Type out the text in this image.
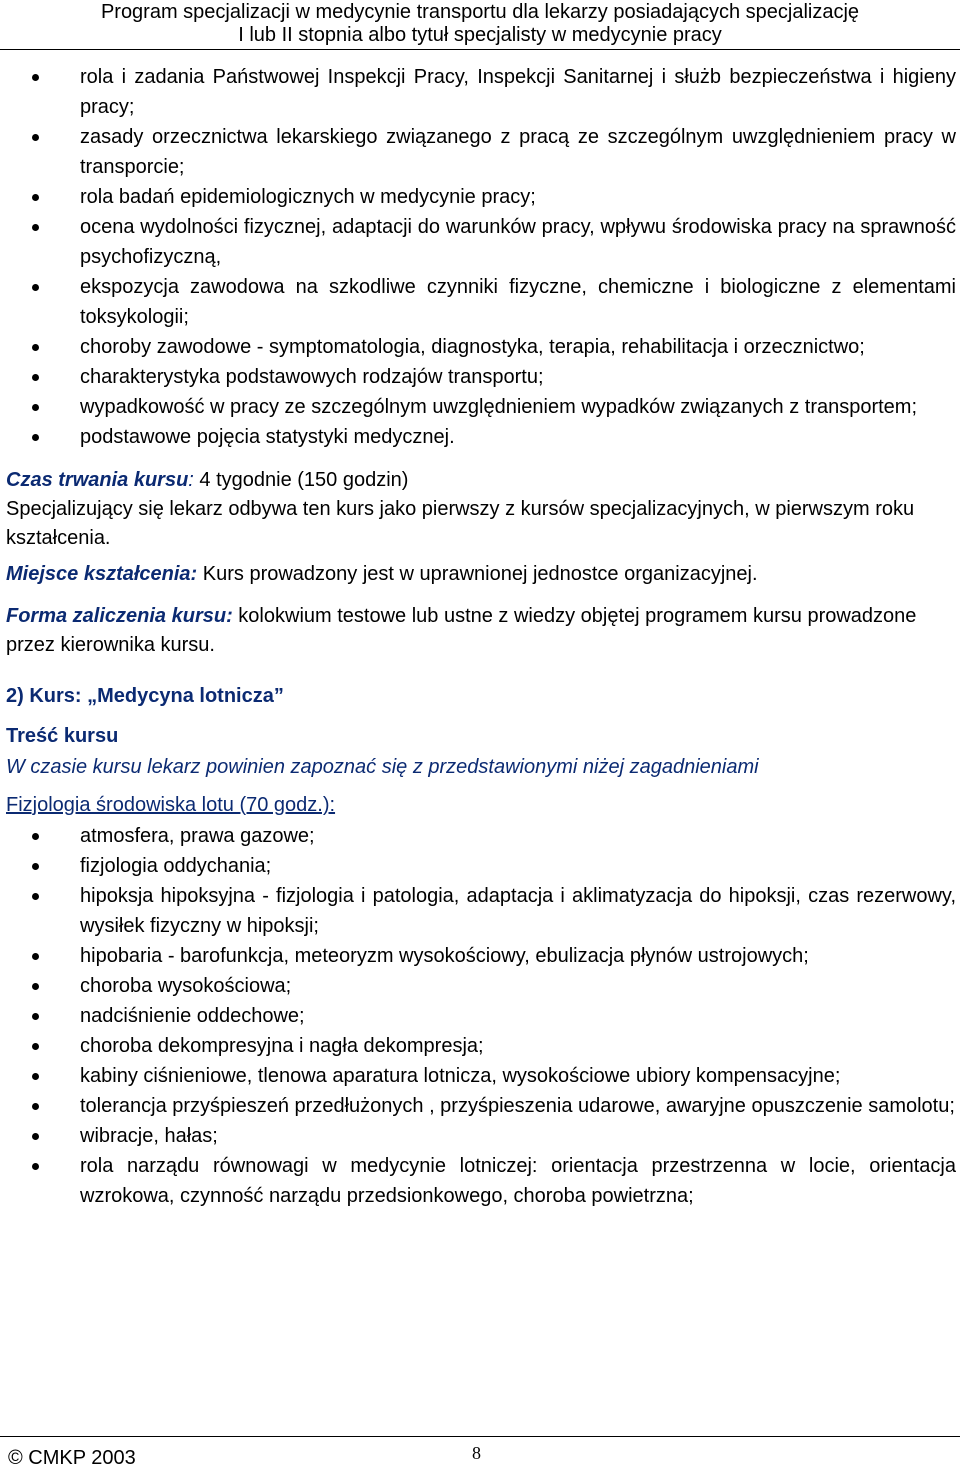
Program specjalizacji w medycynie transportu dla lekarzy posiadających specjalizację
I lub II stopnia albo tytuł specjalisty w medycynie pracy
rola i zadania Państwowej Inspekcji Pracy, Inspekcji Sanitarnej i służb bezpieczeństwa i higieny pracy;
zasady orzecznictwa lekarskiego związanego z pracą ze szczególnym uwzględnieniem pracy w transporcie;
rola badań epidemiologicznych w medycynie pracy;
ocena wydolności fizycznej, adaptacji do warunków pracy, wpływu środowiska pracy na sprawność psychofizyczną,
ekspozycja zawodowa na szkodliwe czynniki fizyczne, chemiczne i biologiczne z elementami toksykologii;
choroby zawodowe - symptomatologia, diagnostyka, terapia, rehabilitacja i orzecznictwo;
charakterystyka podstawowych rodzajów transportu;
wypadkowość w pracy ze szczególnym uwzględnieniem wypadków związanych z transportem;
podstawowe pojęcia statystyki medycznej.

Czas trwania kursu: 4 tygodnie (150 godzin)

Specjalizujący się lekarz odbywa ten kurs jako pierwszy z kursów specjalizacyjnych, w pierwszym roku kształcenia.

Miejsce kształcenia: Kurs prowadzony jest w uprawnionej jednostce organizacyjnej.

Forma zaliczenia kursu: kolokwium testowe lub ustne z wiedzy objętej programem kursu prowadzone przez kierownika kursu.

2) Kurs: „Medycyna lotnicza”

Treść kursu

W czasie kursu lekarz powinien zapoznać się z przedstawionymi niżej zagadnieniami

Fizjologia środowiska lotu (70 godz.):

atmosfera, prawa gazowe;
fizjologia oddychania;
hipoksja hipoksyjna - fizjologia i patologia, adaptacja i aklimatyzacja do hipoksji, czas rezerwowy, wysiłek fizyczny w hipoksji;
hipobaria - barofunkcja, meteoryzm wysokościowy, ebulizacja płynów ustrojowych;
choroba wysokościowa;
nadciśnienie oddechowe;
choroba dekompresyjna i nagła dekompresja;
kabiny ciśnieniowe, tlenowa aparatura lotnicza, wysokościowe ubiory kompensacyjne;
tolerancja przyśpieszeń przedłużonych , przyśpieszenia udarowe, awaryjne opuszczenie samolotu;
wibracje, hałas;
rola narządu równowagi w medycynie lotniczej: orientacja przestrzenna w locie, orientacja wzrokowa, czynność narządu przedsionkowego, choroba powietrzna;
© CMKP 2003	8
